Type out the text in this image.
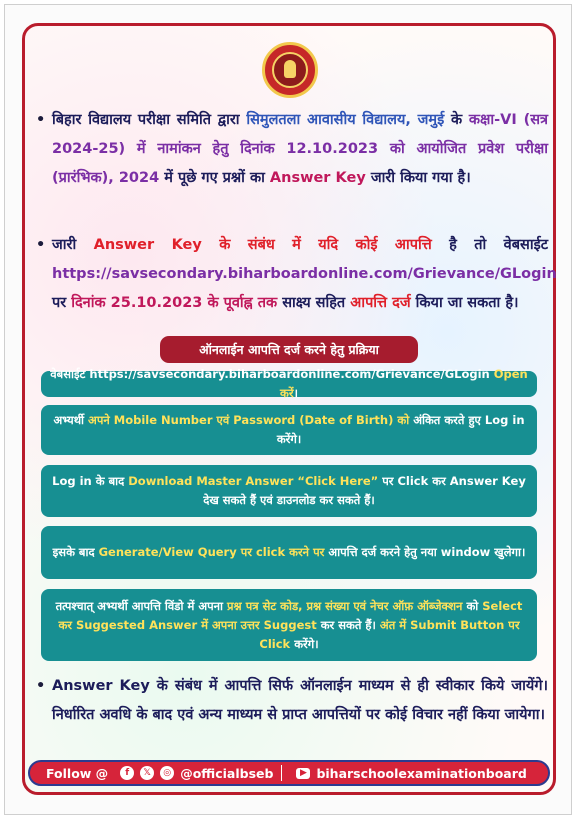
• बिहार विद्यालय परीक्षा समिति द्वारा सिमुलतला आवासीय विद्यालय, जमुई के कक्षा-VI (सत्र 2024-25) में नामांकन हेतु दिनांक 12.10.2023 को आयोजित प्रवेश परीक्षा (प्रारंभिक), 2024 में पूछे गए प्रश्नों का Answer Key जारी किया गया है।
• जारी Answer Key के संबंध में यदि कोई आपत्ति है तो वेबसाईट https://savsecondary.biharboardonline.com/Grievance/GLogin पर दिनांक 25.10.2023 के पूर्वाह्न तक साक्ष्य सहित आपत्ति दर्ज किया जा सकता है।
ऑनलाईन आपत्ति दर्ज करने हेतु प्रक्रिया
वेबसाईट https://savsecondary.biharboardonline.com/Grievance/GLogin Open करें।
अभ्यर्थी अपने Mobile Number एवं Password (Date of Birth) को अंकित करते हुए Log in करेंगे।
Log in के बाद Download Master Answer “Click Here” पर Click कर Answer Key देख सकते हैं एवं डाउनलोड कर सकते हैं।
इसके बाद Generate/View Query पर click करने पर आपत्ति दर्ज करने हेतु नया window खुलेगा।
तत्पश्चात् अभ्यर्थी आपत्ति विंडो में अपना प्रश्न पत्र सेट कोड, प्रश्न संख्या एवं नेचर ऑफ़ ऑब्जेक्शन को Select कर Suggested Answer में अपना उत्तर Suggest कर सकते हैं। अंत में Submit Button पर Click करेंगे।
• Answer Key के संबंध में आपत्ति सिर्फ ऑनलाईन माध्यम से ही स्वीकार किये जायेंगे। निर्धारित अवधि के बाद एवं अन्य माध्यम से प्राप्त आपत्तियों पर कोई विचार नहीं किया जायेगा।
Follow @	f	𝕏	◎ @officialbseb	▶ biharschoolexaminationboard
